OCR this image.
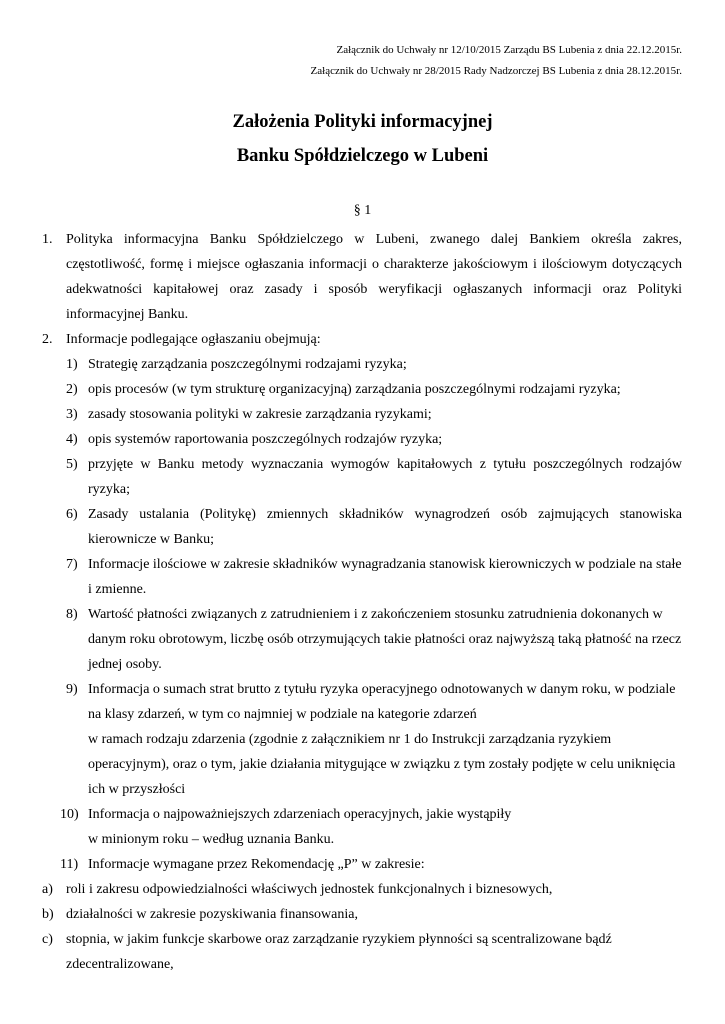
Załącznik do Uchwały nr 12/10/2015 Zarządu BS Lubenia z dnia 22.12.2015r.
Załącznik do Uchwały nr 28/2015 Rady Nadzorczej BS Lubenia z dnia 28.12.2015r.
Założenia Polityki informacyjnej
Banku Spółdzielczego w Lubeni
§ 1
1. Polityka informacyjna Banku Spółdzielczego w Lubeni, zwanego dalej Bankiem określa zakres, częstotliwość, formę i miejsce ogłaszania informacji o charakterze jakościowym i ilościowym dotyczących adekwatności kapitałowej oraz zasady i sposób weryfikacji ogłaszanych informacji oraz Polityki informacyjnej Banku.
2. Informacje podlegające ogłaszaniu obejmują:
1) Strategię zarządzania poszczególnymi rodzajami ryzyka;
2) opis procesów (w tym strukturę organizacyjną) zarządzania poszczególnymi rodzajami ryzyka;
3) zasady stosowania polityki w zakresie zarządzania ryzykami;
4) opis systemów raportowania poszczególnych rodzajów ryzyka;
5) przyjęte w Banku metody wyznaczania wymogów kapitałowych z tytułu poszczególnych rodzajów ryzyka;
6) Zasady ustalania (Politykę) zmiennych składników wynagrodzeń osób zajmujących stanowiska kierownicze w Banku;
7) Informacje ilościowe w zakresie składników wynagradzania stanowisk kierowniczych w podziale na stałe i zmienne.
8) Wartość płatności związanych z zatrudnieniem i z zakończeniem stosunku zatrudnienia dokonanych w danym roku obrotowym, liczbę osób otrzymujących takie płatności oraz najwyższą taką płatność na rzecz jednej osoby.
9) Informacja o sumach strat brutto z tytułu ryzyka operacyjnego odnotowanych w danym roku, w podziale
na klasy zdarzeń, w tym co najmniej w podziale na kategorie zdarzeń
w ramach rodzaju zdarzenia (zgodnie z załącznikiem nr 1 do Instrukcji zarządzania ryzykiem
operacyjnym), oraz o tym, jakie działania mitygujące w związku z tym zostały podjęte w celu uniknięcia
ich w przyszłości
10) Informacja o najpoważniejszych zdarzeniach operacyjnych, jakie wystąpiły
w minionym roku – według uznania Banku.
11) Informacje wymagane przez Rekomendację „P” w zakresie:
a) roli i zakresu odpowiedzialności właściwych jednostek funkcjonalnych i biznesowych,
b) działalności w zakresie pozyskiwania finansowania,
c) stopnia, w jakim funkcje skarbowe oraz zarządzanie ryzykiem płynności są scentralizowane bądź zdecentralizowane,
